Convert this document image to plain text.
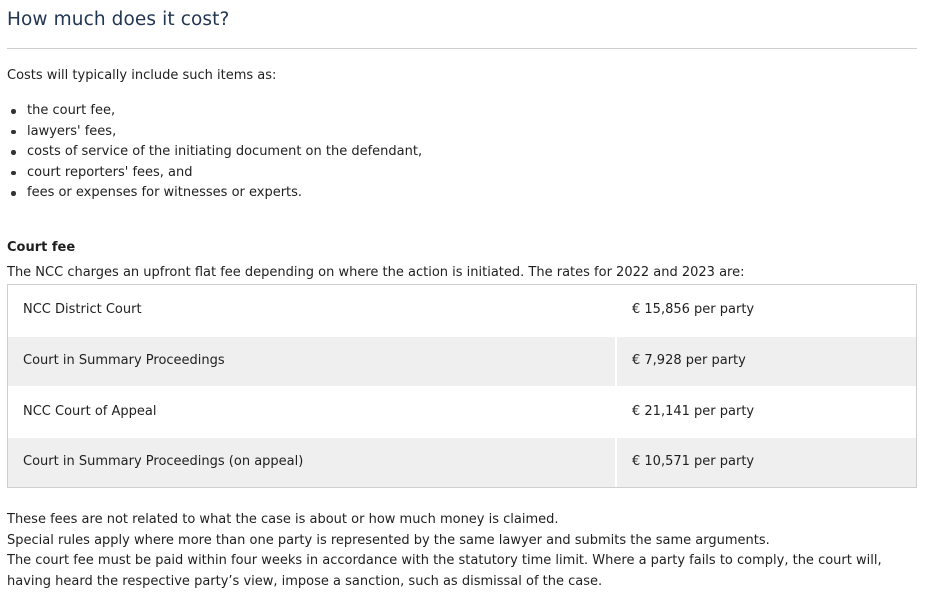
How much does it cost?

Costs will typically include such items as:

the court fee,
lawyers' fees,
costs of service of the initiating document on the defendant,
court reporters' fees, and
fees or expenses for witnesses or experts.
Court fee

The NCC charges an upfront flat fee depending on where the action is initiated. The rates for 2022 and 2023 are:

NCC District Court	€ 15,856 per party
Court in Summary Proceedings	€ 7,928 per party
NCC Court of Appeal	€ 21,141 per party
Court in Summary Proceedings (on appeal)	€ 10,571 per party

These fees are not related to what the case is about or how much money is claimed.

Special rules apply where more than one party is represented by the same lawyer and submits the same arguments.

The court fee must be paid within four weeks in accordance with the statutory time limit. Where a party fails to comply, the court will, having heard the respective party’s view, impose a sanction, such as dismissal of the case.
